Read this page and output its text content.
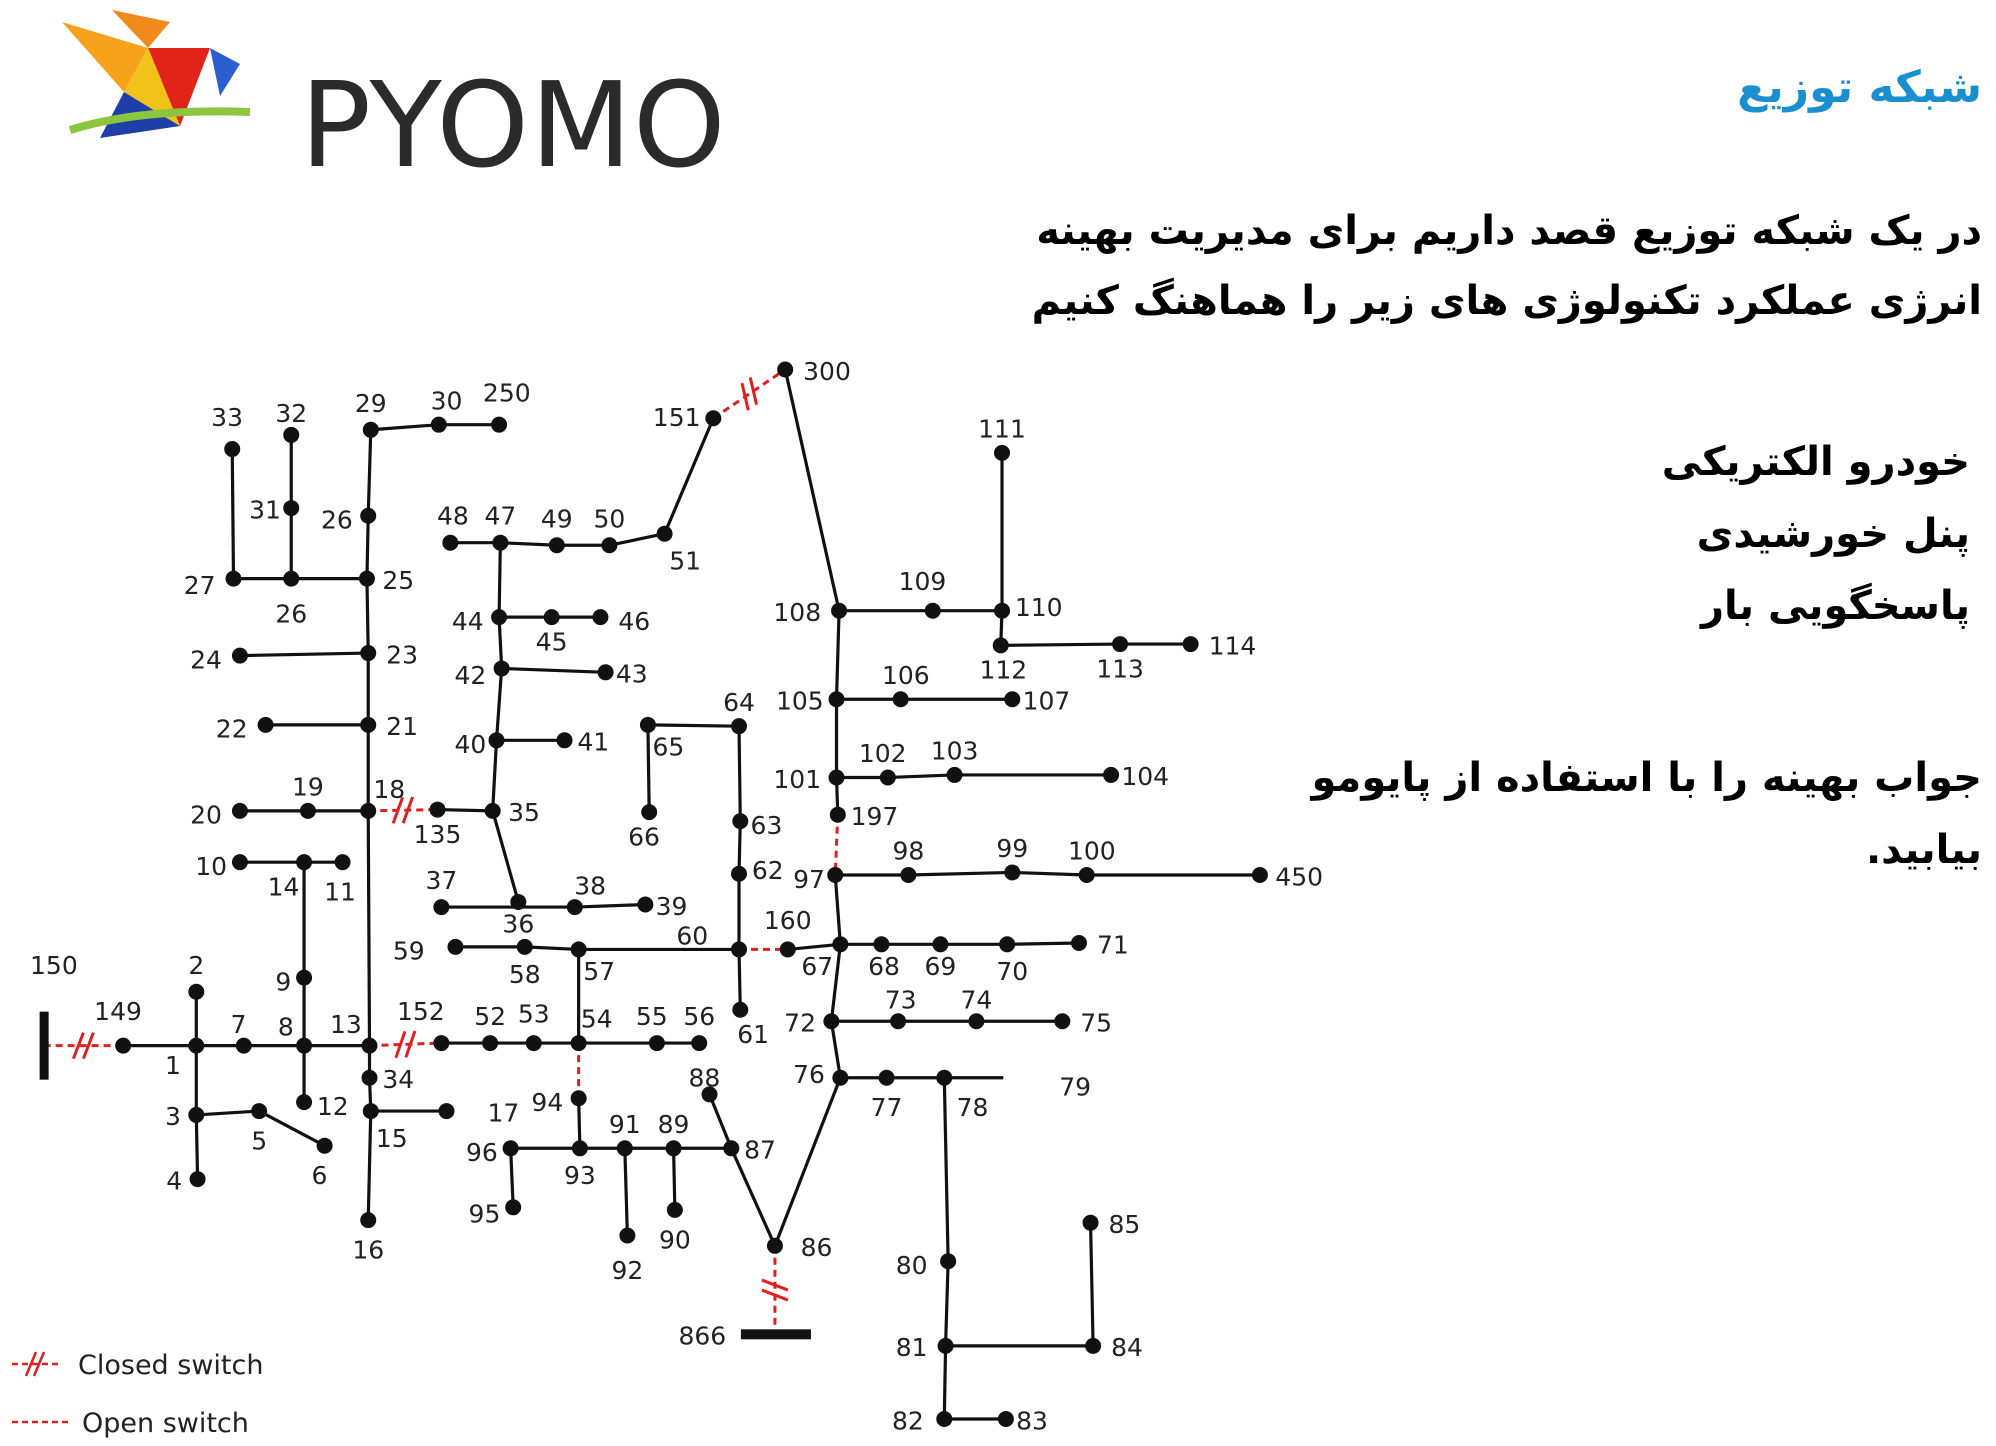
PYOMO	شبکه توزیع
در یک شبکه توزیع قصد داریم برای مدیریت بهینه
انرژی عملکرد تکنولوژی های زیر را هماهنگ کنیم
خودرو الکتریکی
پنل خورشیدی
پاسخگویی بار
جواب بهینه را با استفاده از پایومو
بیابید.
1
2
3
4
5
6
7 8
9
10
11
12
13
14
15
16
17
18
19
20
21
22
23
24
25
26
26
27
29 30
31
32
33
34
35
36
37	38
39
40	41
42	43
44
45
46
47
48	49 50
51
52 53 54 55 56
57
58
59
60
61
62
63
64
65
66
67 68 69 70
71
72
73 74
75
76
77 78
79
80
81
82	83
84
85
86
87
88
89
90
91
92
93
94
95
96
97
98	99 100
101
102 103
104
105
106
107
108
109
110
111
112	113
114
135
149
150
151
152
160
197
250
300
450
866
Closed switch
Open switch
